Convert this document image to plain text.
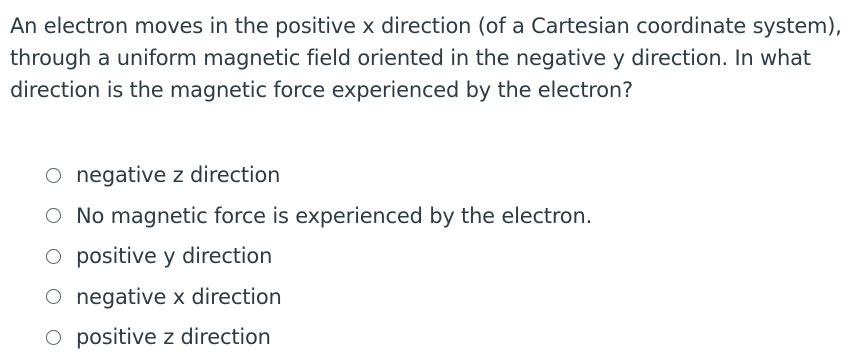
An electron moves in the positive x direction (of a Cartesian coordinate system), through a uniform magnetic field oriented in the negative y direction. In what direction is the magnetic force experienced by the electron?
negative z direction
No magnetic force is experienced by the electron.
positive y direction
negative x direction
positive z direction
